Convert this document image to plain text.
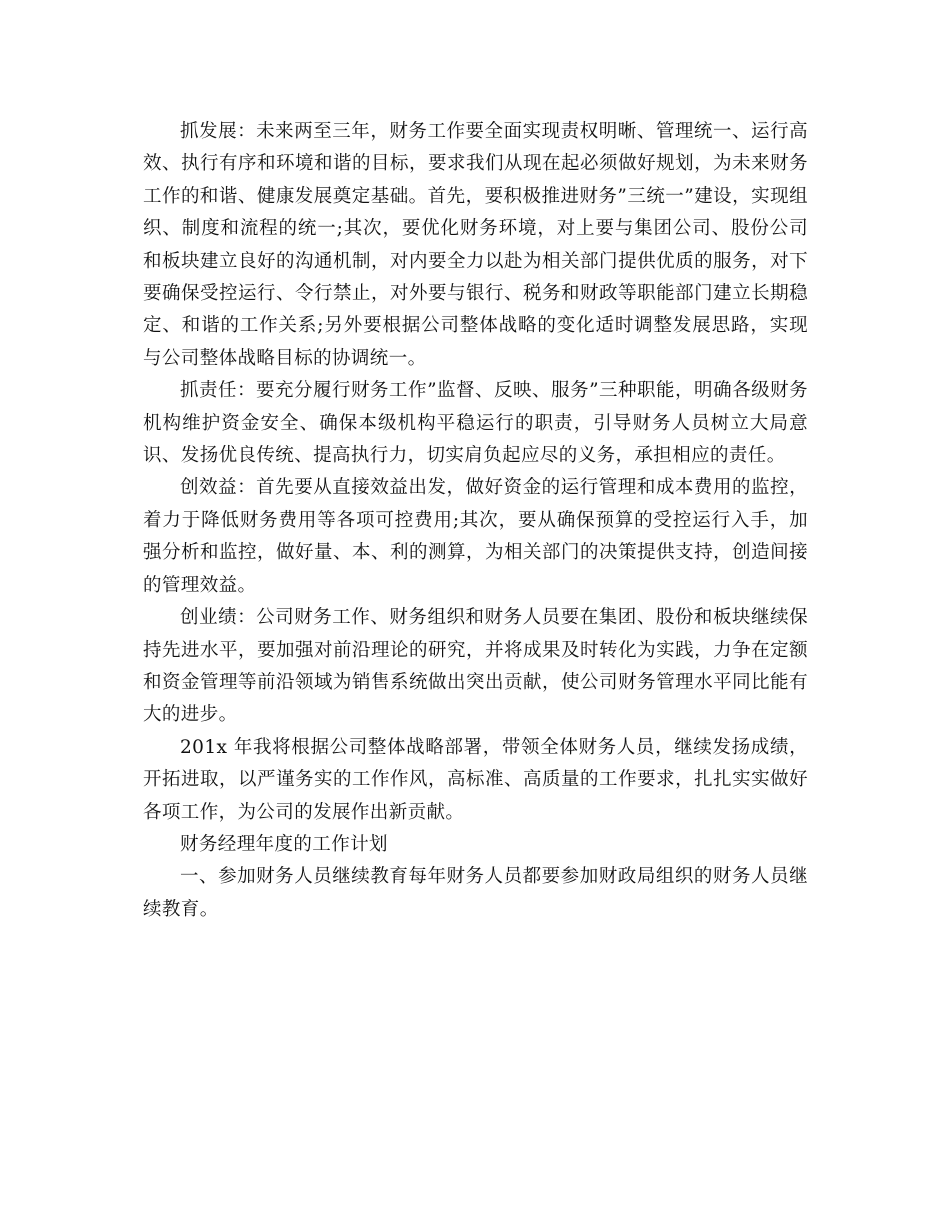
抓发展：未来两至三年，财务工作要全面实现责权明晰、管理统一、运行高效、执行有序和环境和谐的目标，要求我们从现在起必须做好规划，为未来财务工作的和谐、健康发展奠定基础。首先，要积极推进财务”三统一”建设，实现组织、制度和流程的统一;其次，要优化财务环境，对上要与集团公司、股份公司和板块建立良好的沟通机制，对内要全力以赴为相关部门提供优质的服务，对下要确保受控运行、令行禁止，对外要与银行、税务和财政等职能部门建立长期稳定、和谐的工作关系;另外要根据公司整体战略的变化适时调整发展思路，实现与公司整体战略目标的协调统一。

抓责任：要充分履行财务工作”监督、反映、服务”三种职能，明确各级财务机构维护资金安全、确保本级机构平稳运行的职责，引导财务人员树立大局意识、发扬优良传统、提高执行力，切实肩负起应尽的义务，承担相应的责任。

创效益：首先要从直接效益出发，做好资金的运行管理和成本费用的监控，着力于降低财务费用等各项可控费用;其次，要从确保预算的受控运行入手，加强分析和监控，做好量、本、利的测算，为相关部门的决策提供支持，创造间接的管理效益。

创业绩：公司财务工作、财务组织和财务人员要在集团、股份和板块继续保持先进水平，要加强对前沿理论的研究，并将成果及时转化为实践，力争在定额和资金管理等前沿领域为销售系统做出突出贡献，使公司财务管理水平同比能有大的进步。

201x 年我将根据公司整体战略部署，带领全体财务人员，继续发扬成绩，开拓进取，以严谨务实的工作作风，高标准、高质量的工作要求，扎扎实实做好各项工作，为公司的发展作出新贡献。

财务经理年度的工作计划

一、参加财务人员继续教育每年财务人员都要参加财政局组织的财务人员继续教育。
